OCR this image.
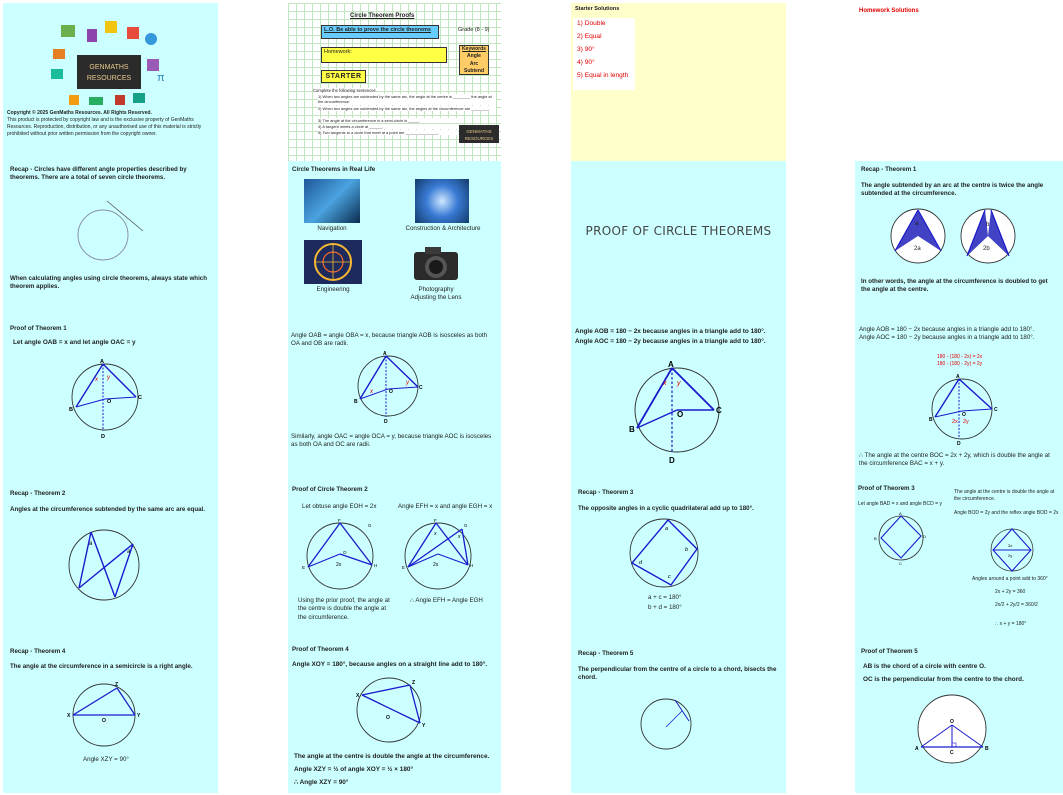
GENMATHS
RESOURCES π
Copyright © 2025 GenMaths Resources. All Rights Reserved.
This product is protected by copyright law and is the exclusive property of GenMaths Resources. Reproduction, distribution, or any unauthorised use of this material is strictly prohibited without prior written permission from the copyright owner.
Circle Theorem Proofs
L.O. Be able to prove the circle theorems	Grade (8 - 9)
Homework:	Keywords
Angle
Arc
Subtend
STARTER
Complete the following sentences.
1) When two angles are subtended by the same arc, the angle at the centre is ________ the angle at the circumference.
2) When two angles are subtended by the same arc, the angles at the circumference are ________.
3) The angle at the circumference in a semi-circle is _____.
4) A tangent meets a circle at ______.
5) Two tangents to a circle that meet at a point are _______________.	GENMATHS
RESOURCES
Starter Solutions
1) Double
2) Equal
3) 90°
4) 90°
5) Equal in length
Homework Solutions
Recap - Circles have different angle properties described by theorems. There are a total of seven circle theorems.
When calculating angles using circle theorems, always state which theorem applies.
Circle Theorems in Real Life
Navigation	Construction & Architecture
Engineering	Photography
Adjusting the Lens
PROOF OF CIRCLE THEOREMS
Recap - Theorem 1
The angle subtended by an arc at the centre is twice the angle subtended at the circumference.
a
2a
b
2b
In other words, the angle at the circumference is doubled to get the angle at the centre.
Proof of Theorem 1
Let angle OAB = x and let angle OAC = y
A
B
C
O
D
x y
Angle OAB = angle OBA = x, because triangle AOB is isosceles as both OA and OB are radii.
A
B
C
O
D
x
y
Similarly, angle OAC = angle OCA = y, because triangle AOC is isosceles as both OA and OC are radii.
Angle AOB = 180 − 2x because angles in a triangle add to 180°.
Angle AOC = 180 − 2y because angles in a triangle add to 180°.
A
B
C
O
D
x y
Angle AOB = 180 − 2x because angles in a triangle add to 180°.
Angle AOC = 180 − 2y because angles in a triangle add to 180°.
180 - (180 - 2x) = 2x
180 - (180 - 2y) = 2y
A
B
C
O
D
2x 2y
∴ The angle at the centre BOC = 2x + 2y, which is double the angle at the circumference BAC = x + y.
Recap - Theorem 2
Angles at the circumference subtended by the same arc are equal.
a
a
Proof of Circle Theorem 2
Let obtuse angle EOH = 2x	Angle EFH = x and angle EGH = x
F
G
E	H
O
2x
F
G
E	H
2x
x	x
Using the prior proof, the angle at the centre is double the angle at the circumference.
∴ Angle EFH = Angle EGH
Recap - Theorem 3
The opposite angles in a cyclic quadrilateral add up to 180°.
a
b
c
d
a + c = 180°
b + d = 180°
Proof of Theorem 3
Let angle BAD = x and angle BCD = y
The angle at the centre is double the angle at the circumference.
Angle BOD = 2y and the reflex angle BOD = 2x
A
B
C
D
2x
2y
Angles around a point add to 360°
2x + 2y = 360
2x/2 + 2y/2 = 360/2
∴ x + y = 180°
Recap - Theorem 4
The angle at the circumference in a semicircle is a right angle.
X	Y
Z
O
Angle XZY = 90°
Proof of Theorem 4
Angle XOY = 180°, because angles on a straight line add to 180°.
X
Y
Z
O
The angle at the centre is double the angle at the circumference.
Angle XZY = ½ of angle XOY = ½ × 180°
∴ Angle XZY = 90°
Recap - Theorem 5
The perpendicular from the centre of a circle to a chord, bisects the chord.
Proof of Theorem 5
AB is the chord of a circle with centre O.
OC is the perpendicular from the centre to the chord.
O
A	B
C
